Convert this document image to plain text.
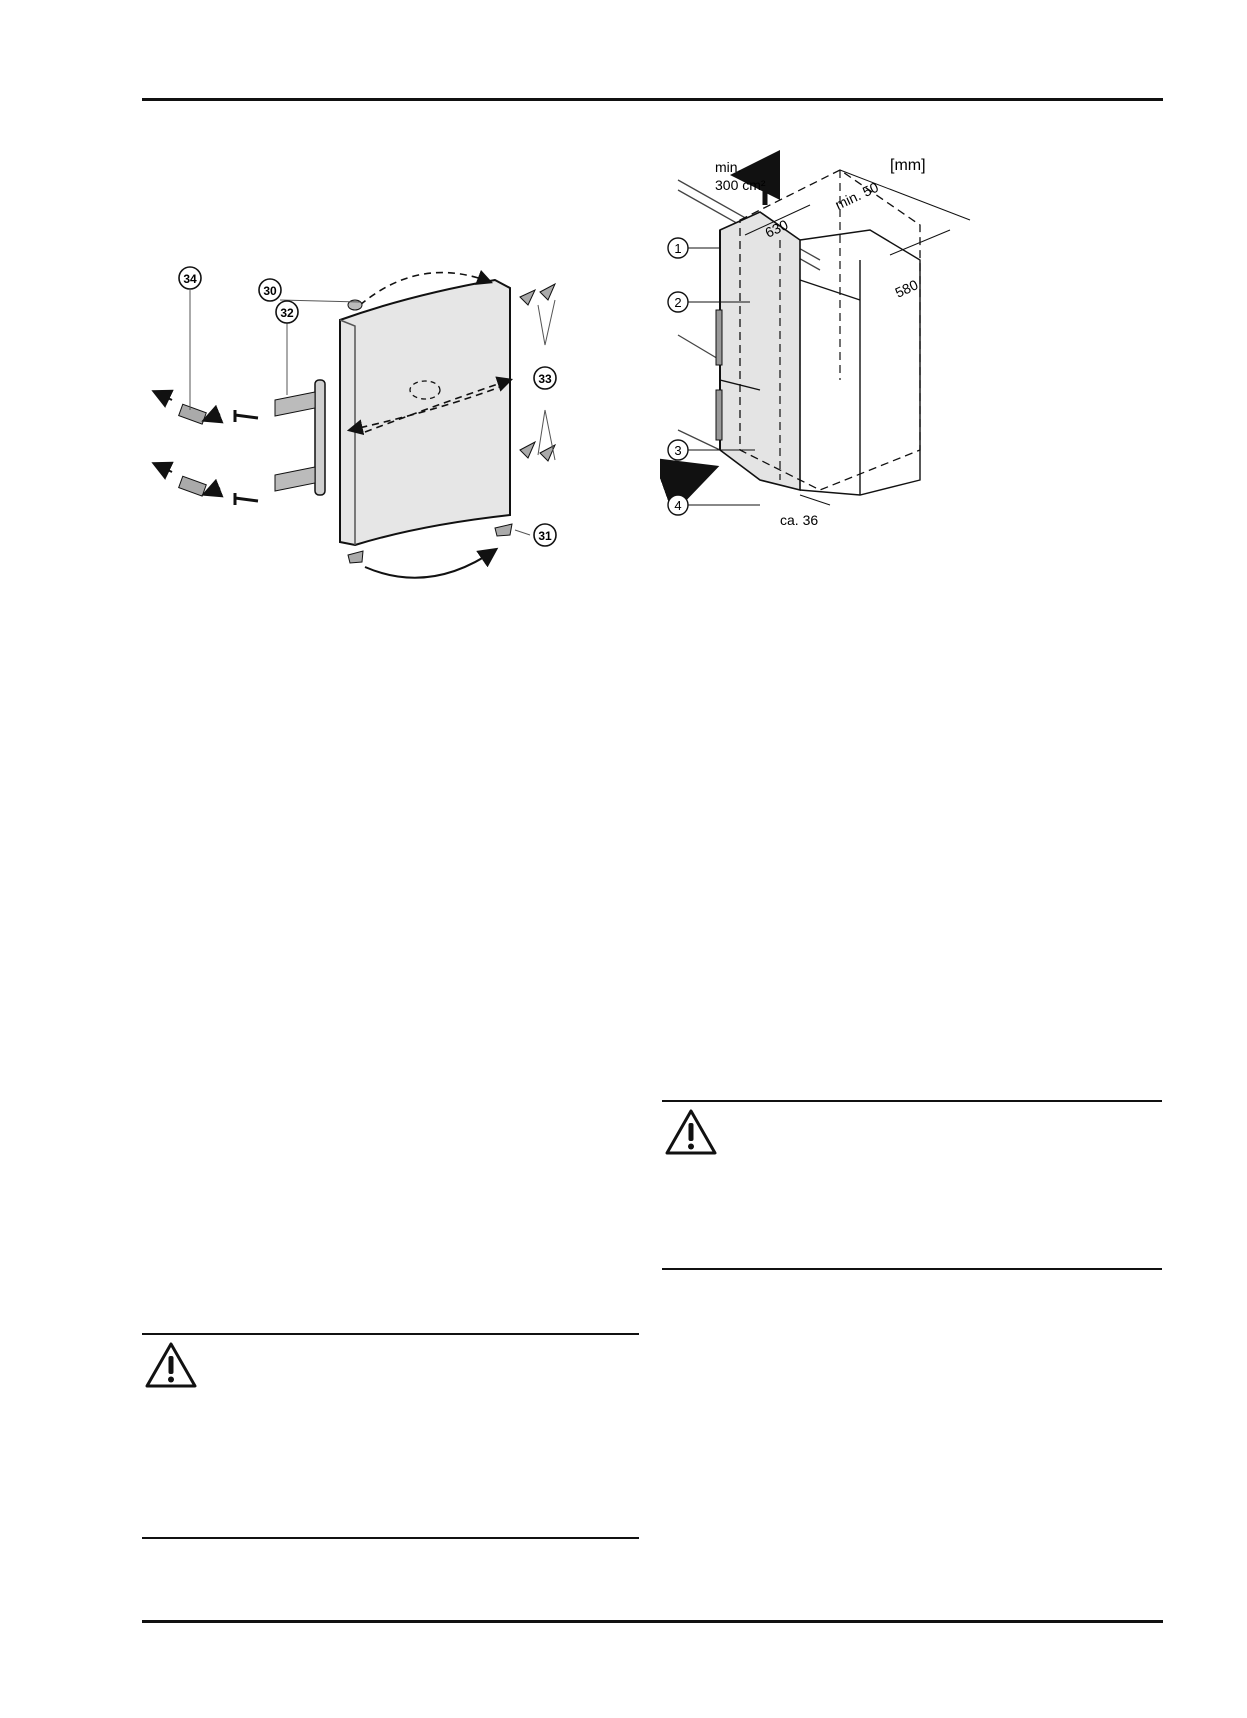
34
30
32
33
31
[mm]
min.
300 cm²	min. 50
630
580
ca. 36
1
2
3
4
